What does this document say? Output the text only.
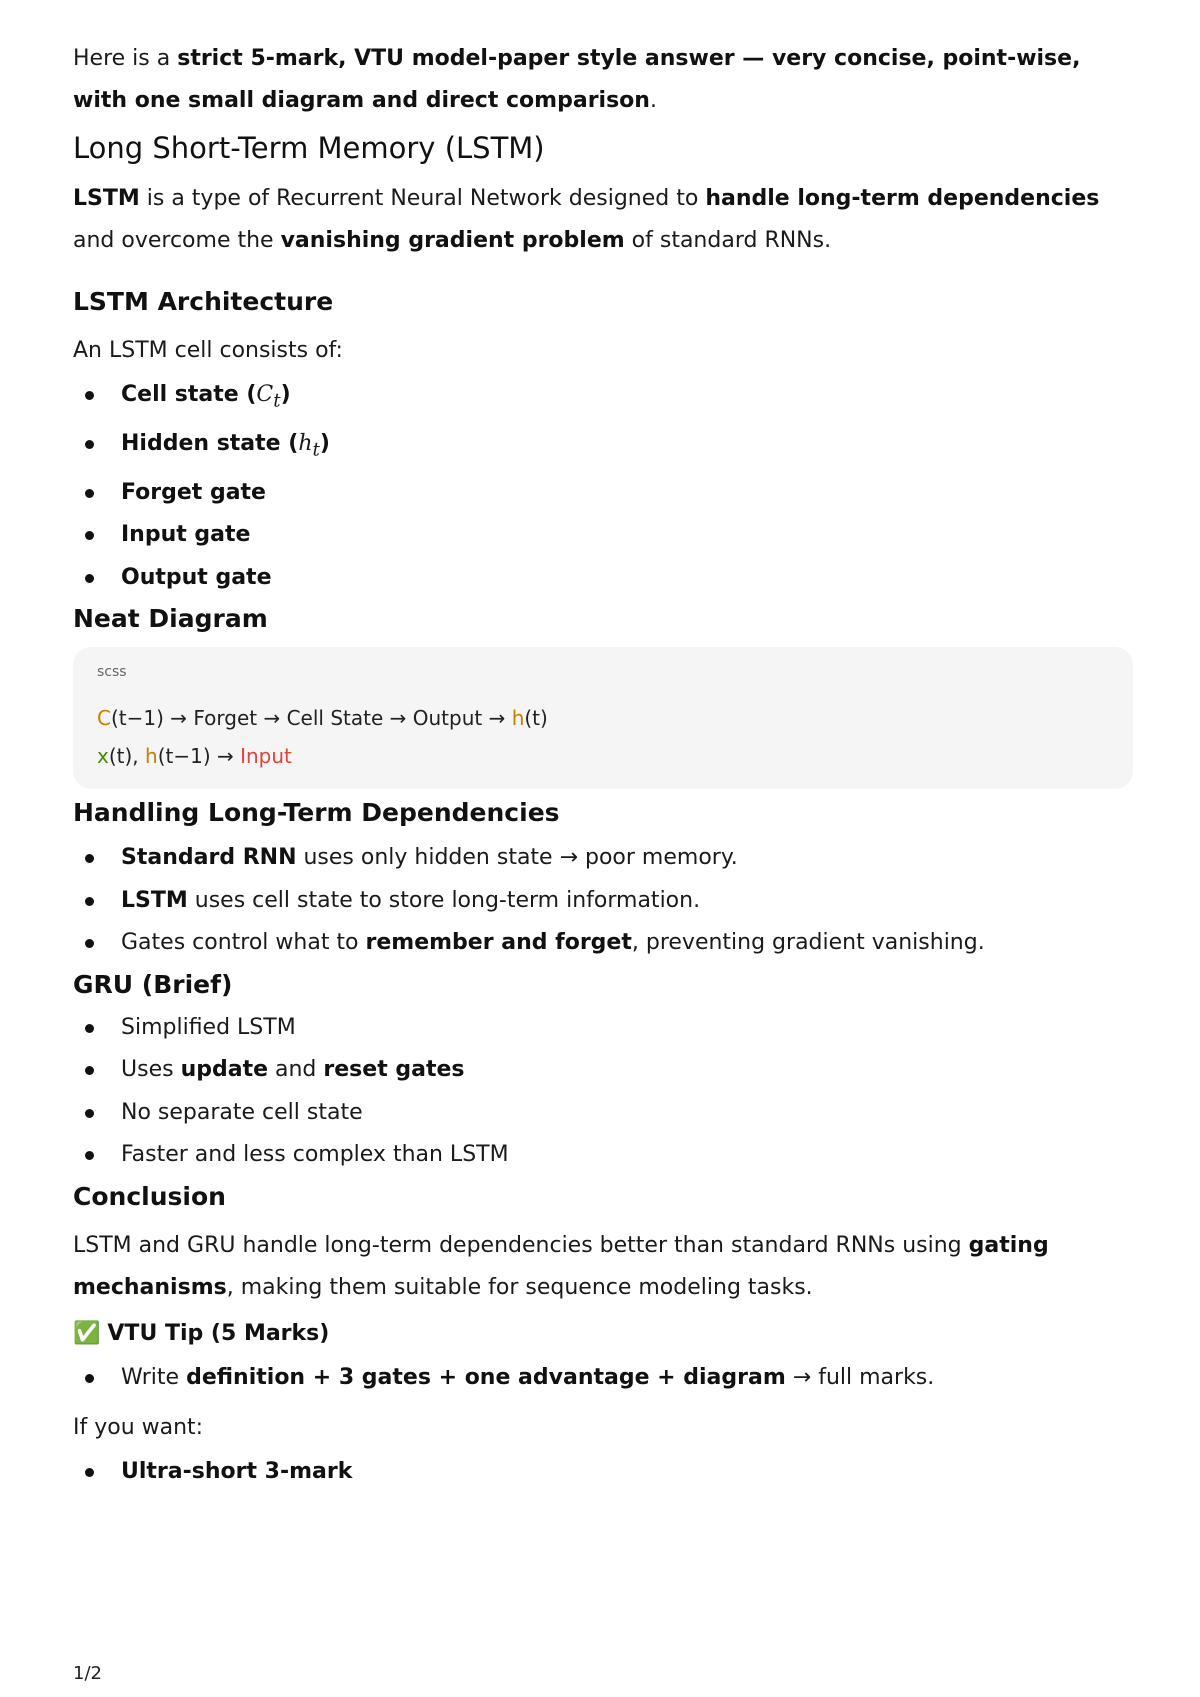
Here is a strict 5-mark, VTU model-paper style answer — very concise, point-wise, with one small diagram and direct comparison.

Long Short-Term Memory (LSTM)

LSTM is a type of Recurrent Neural Network designed to handle long-term dependencies and overcome the vanishing gradient problem of standard RNNs.

LSTM Architecture

An LSTM cell consists of:

Cell state $(C_t)$
Hidden state $(h_t)$
Forget gate
Input gate
Output gate
Neat Diagram
scss
C(t−1) → Forget → Cell State → Output → h(t)
x(t), h(t−1) → Input
Handling Long-Term Dependencies
Standard RNN uses only hidden state → poor memory.
LSTM uses cell state to store long-term information.
Gates control what to remember and forget, preventing gradient vanishing.
GRU (Brief)
Simplified LSTM
Uses update and reset gates
No separate cell state
Faster and less complex than LSTM
Conclusion

LSTM and GRU handle long-term dependencies better than standard RNNs using gating mechanisms, making them suitable for sequence modeling tasks.

✅ VTU Tip (5 Marks)

Write definition + 3 gates + one advantage + diagram → full marks.

If you want:

Ultra-short 3-mark
1/2
